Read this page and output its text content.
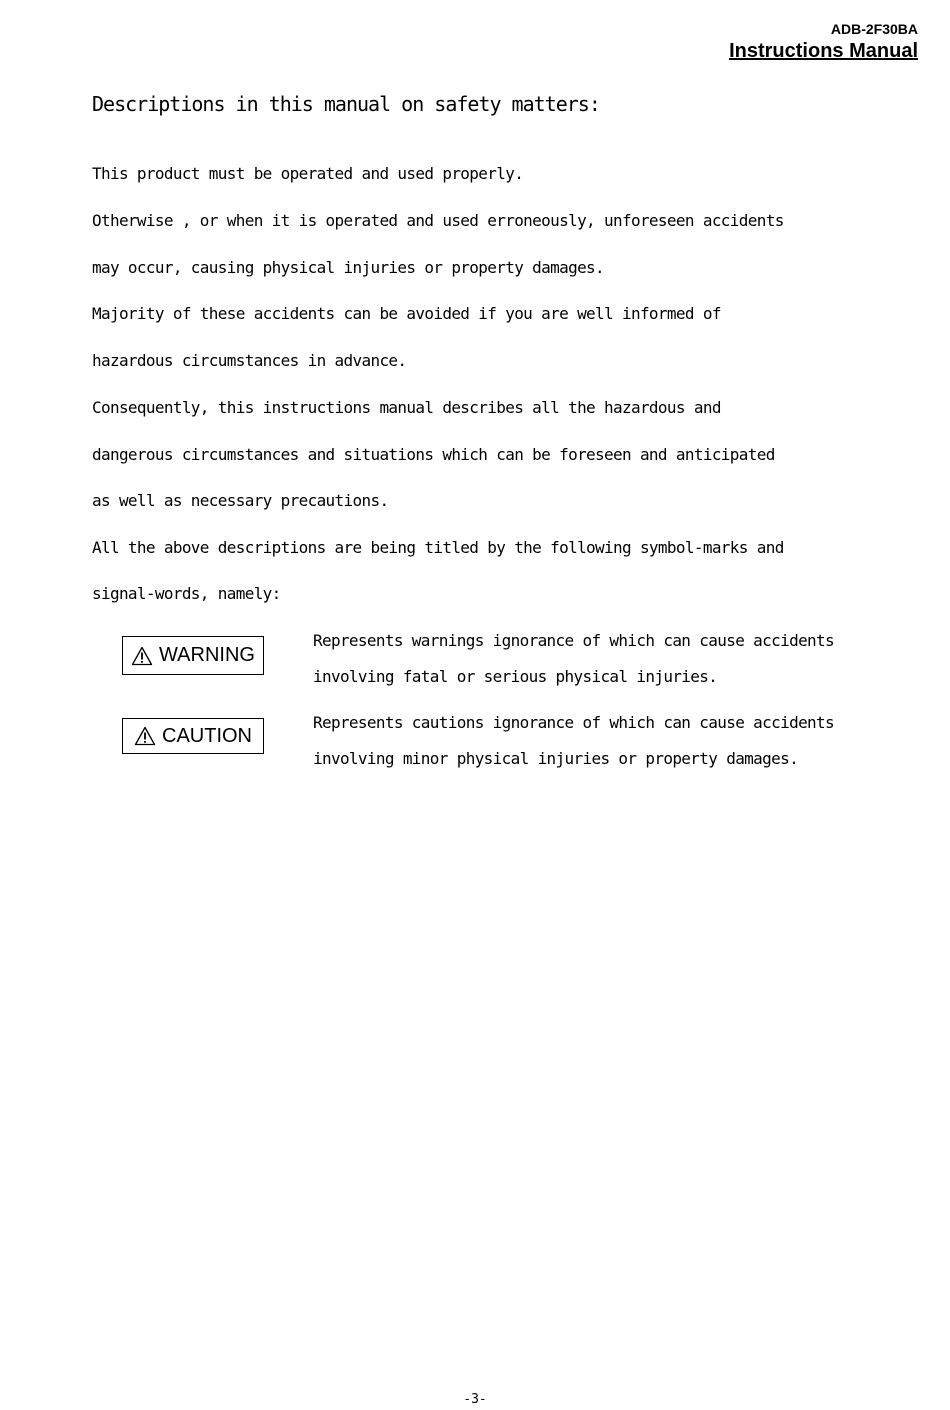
ADB-2F30BA
Instructions Manual
Descriptions in this manual on safety matters:
This product must be operated and used properly.
Otherwise , or when it is operated and used erroneously, unforeseen accidents
may occur, causing physical injuries or property damages.
Majority of these accidents can be avoided if you are well informed of
hazardous circumstances in advance.
Consequently, this instructions manual describes all the hazardous and
dangerous circumstances and situations which can be foreseen and anticipated
as well as necessary precautions.
All the above descriptions are being titled by the following symbol-marks and
signal-words, namely:
WARNING
Represents warnings ignorance of which can cause accidents
involving fatal or serious physical injuries.
CAUTION
Represents cautions ignorance of which can cause accidents
involving minor physical injuries or property damages.
-3-
